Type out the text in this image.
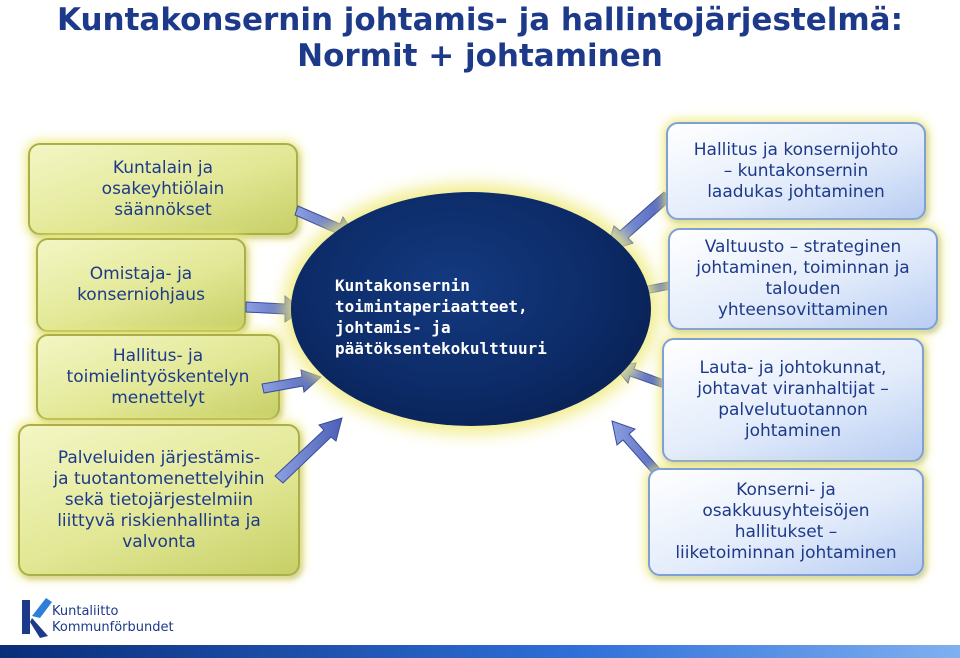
Kuntakonsernin johtamis- ja hallintojärjestelmä:
Normit + johtaminen
Kuntalain ja
osakeyhtiölain
säännökset
Omistaja- ja
konserniohjaus
Hallitus- ja
toimielintyöskentelyn
menettelyt
Palveluiden järjestämis-
ja tuotantomenettelyihin
sekä tietojärjestelmiin
liittyvä riskienhallinta ja
valvonta
Kuntakonsernin
toimintaperiaatteet,
johtamis- ja
päätöksentekokulttuuri
Hallitus ja konsernijohto
– kuntakonsernin
laadukas johtaminen
Valtuusto – strateginen
johtaminen, toiminnan ja
talouden
yhteensovittaminen
Lauta- ja johtokunnat,
johtavat viranhaltijat –
palvelutuotannon
johtaminen
Konserni- ja
osakkuusyhteisöjen
hallitukset –
liiketoiminnan johtaminen
Kuntaliitto
Kommunförbundet
